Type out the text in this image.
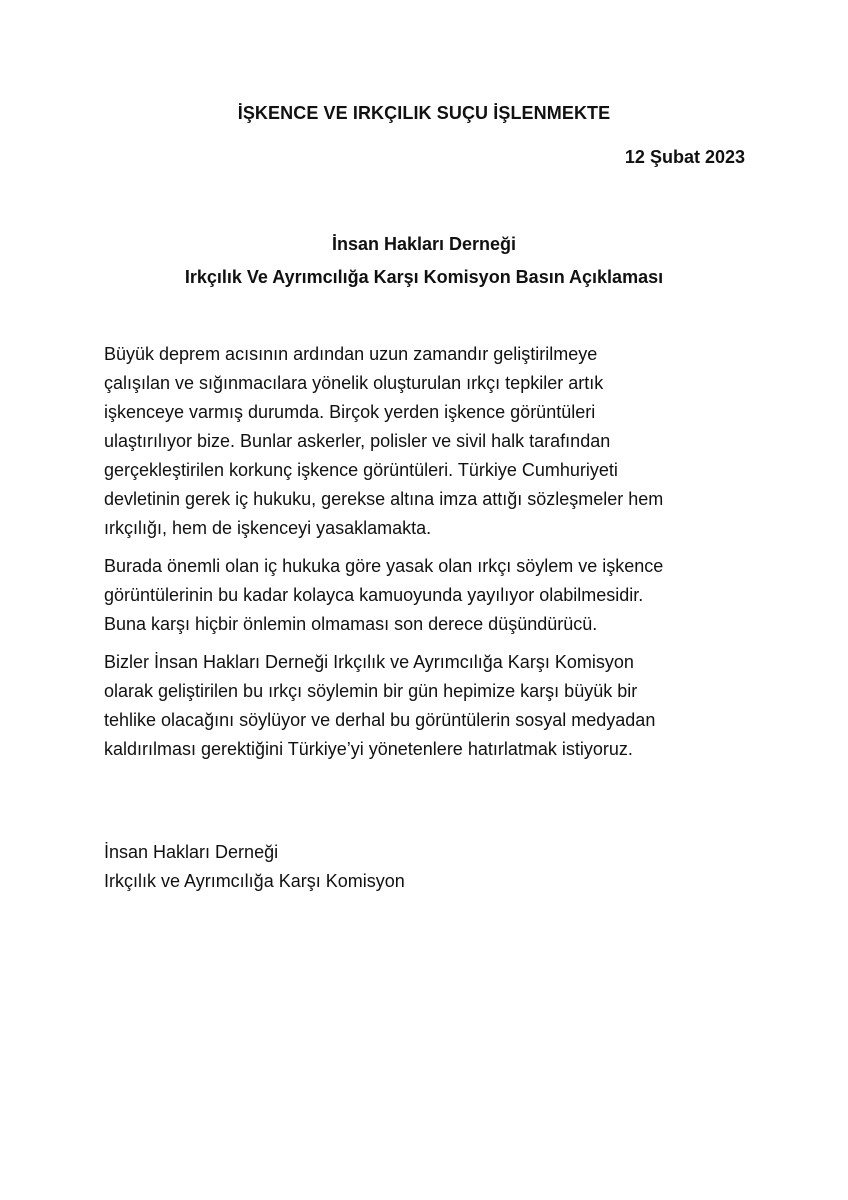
İŞKENCE VE IRKÇILIK SUÇU İŞLENMEKTE
12 Şubat 2023
İnsan Hakları Derneği
Irkçılık Ve Ayrımcılığa Karşı Komisyon Basın Açıklaması
Büyük deprem acısının ardından uzun zamandır geliştirilmeye
çalışılan ve sığınmacılara yönelik oluşturulan ırkçı tepkiler artık
işkenceye varmış durumda. Birçok yerden işkence görüntüleri
ulaştırılıyor bize. Bunlar askerler, polisler ve sivil halk tarafından
gerçekleştirilen korkunç işkence görüntüleri. Türkiye Cumhuriyeti
devletinin gerek iç hukuku, gerekse altına imza attığı sözleşmeler hem
ırkçılığı, hem de işkenceyi yasaklamakta.
Burada önemli olan iç hukuka göre yasak olan ırkçı söylem ve işkence
görüntülerinin bu kadar kolayca kamuoyunda yayılıyor olabilmesidir.
Buna karşı hiçbir önlemin olmaması son derece düşündürücü.
Bizler İnsan Hakları Derneği Irkçılık ve Ayrımcılığa Karşı Komisyon
olarak geliştirilen bu ırkçı söylemin bir gün hepimize karşı büyük bir
tehlike olacağını söylüyor ve derhal bu görüntülerin sosyal medyadan
kaldırılması gerektiğini Türkiye’yi yönetenlere hatırlatmak istiyoruz.
İnsan Hakları Derneği
Irkçılık ve Ayrımcılığa Karşı Komisyon
